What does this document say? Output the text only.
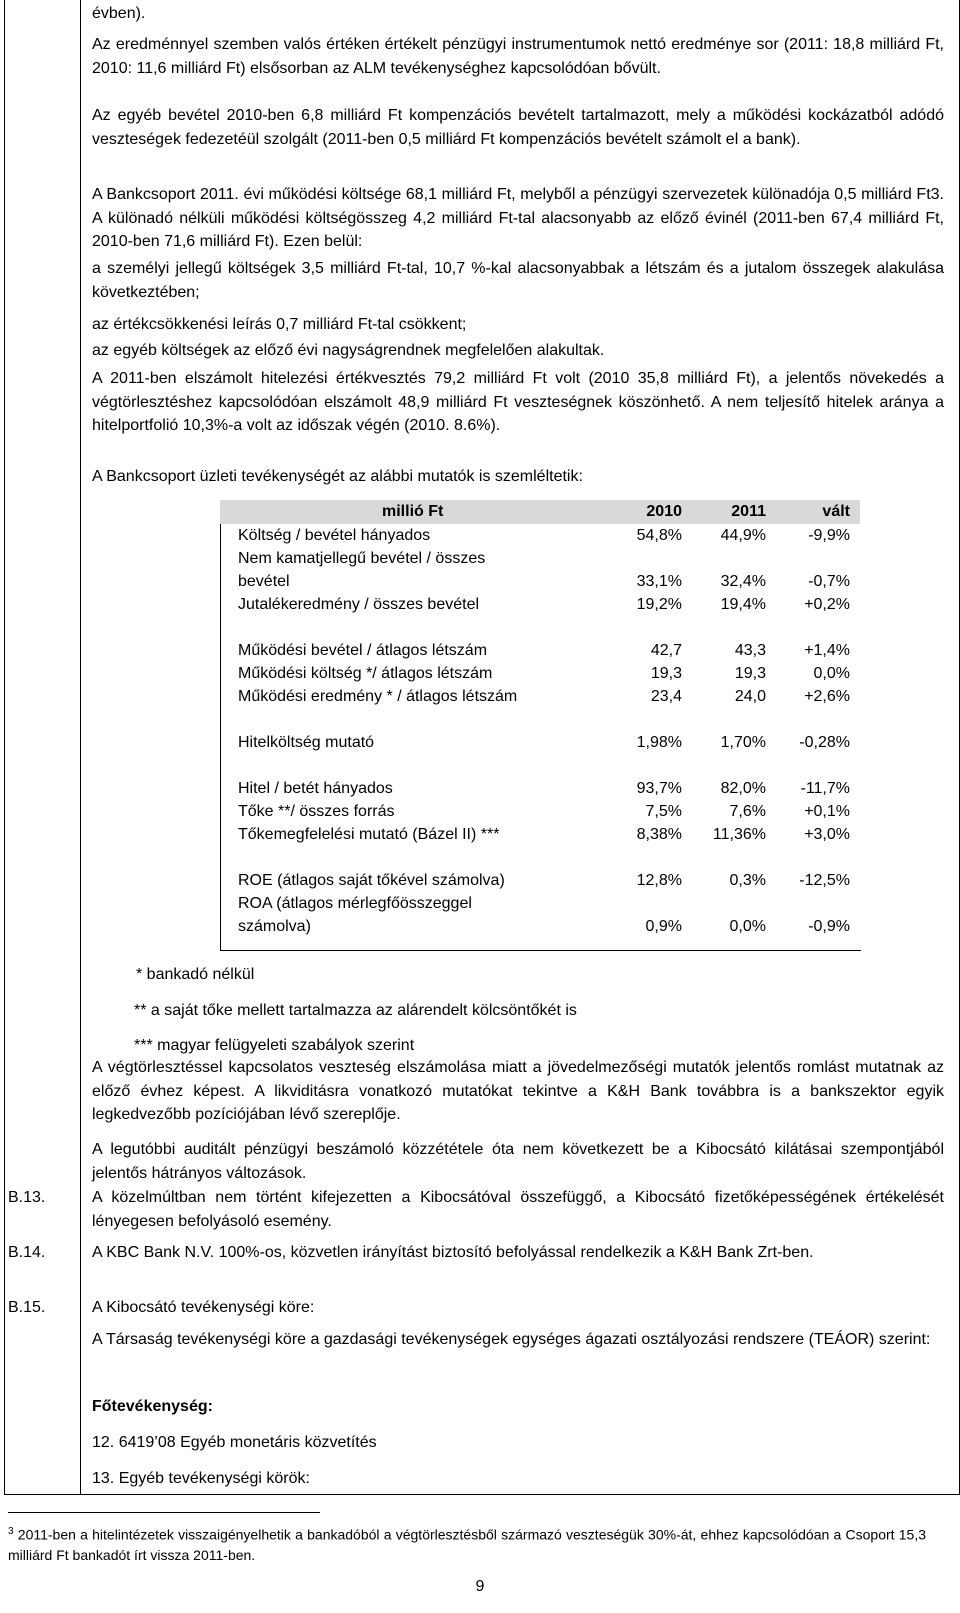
évben).
Az eredménnyel szemben valós értéken értékelt pénzügyi instrumentumok nettó eredménye sor (2011: 18,8 milliárd Ft, 2010: 11,6 milliárd Ft) elsősorban az ALM tevékenységhez kapcsolódóan bővült.
Az egyéb bevétel 2010-ben 6,8 milliárd Ft kompenzációs bevételt tartalmazott, mely a működési kockázatból adódó veszteségek fedezetéül szolgált (2011-ben 0,5 milliárd Ft kompenzációs bevételt számolt el a bank).
A Bankcsoport 2011. évi működési költsége 68,1 milliárd Ft, melyből a pénzügyi szervezetek különadója 0,5 milliárd Ft3. A különadó nélküli működési költségösszeg 4,2 milliárd Ft-tal alacsonyabb az előző évinél (2011-ben 67,4 milliárd Ft, 2010-ben 71,6 milliárd Ft). Ezen belül:
a személyi jellegű költségek 3,5 milliárd Ft-tal, 10,7 %-kal alacsonyabbak a létszám és a jutalom összegek alakulása következtében;
az értékcsökkenési leírás 0,7 milliárd Ft-tal csökkent;
az egyéb költségek az előző évi nagyságrendnek megfelelően alakultak.
A 2011-ben elszámolt hitelezési értékvesztés 79,2 milliárd Ft volt (2010 35,8 milliárd Ft), a jelentős növekedés a végtörlesztéshez kapcsolódóan elszámolt 48,9 milliárd Ft veszteségnek köszönhető. A nem teljesítő hitelek aránya a hitelportfolió 10,3%-a volt az időszak végén (2010. 8.6%).
A Bankcsoport üzleti tevékenységét az alábbi mutatók is szemléltetik:
millió Ft	2010	2011	vált
Költség / bevétel hányados	54,8% 44,9%	-9,9%
Nem kamatjellegű bevétel / összes
bevétel	33,1% 32,4%	-0,7%
Jutalékeredmény / összes bevétel	19,2% 19,4% +0,2%
Működési bevétel / átlagos létszám	42,7	43,3 +1,4%
Működési költség */ átlagos létszám	19,3	19,3	0,0%
Működési eredmény * / átlagos létszám	23,4	24,0 +2,6%
Hitelköltség mutató	1,98% 1,70% -0,28%
Hitel / betét hányados	93,7% 82,0% -11,7%
Tőke **/ összes forrás	7,5%	7,6% +0,1%
Tőkemegfelelési mutató (Bázel II) ***	8,38% 11,36% +3,0%
ROE (átlagos saját tőkével számolva)	12,8%	0,3% -12,5%
ROA (átlagos mérlegfőösszeggel
számolva)	0,9%	0,0%	-0,9%
* bankadó nélkül
** a saját tőke mellett tartalmazza az alárendelt kölcsöntőkét is
*** magyar felügyeleti szabályok szerint
A végtörlesztéssel kapcsolatos veszteség elszámolása miatt a jövedelmezőségi mutatók jelentős romlást mutatnak az előző évhez képest. A likviditásra vonatkozó mutatókat tekintve a K&H Bank továbbra is a bankszektor egyik legkedvezőbb pozíciójában lévő szereplője.
A legutóbbi auditált pénzügyi beszámoló közzététele óta nem következett be a Kibocsátó kilátásai szempontjából jelentős hátrányos változások.
B.13.	A közelmúltban nem történt kifejezetten a Kibocsátóval összefüggő, a Kibocsátó fizetőképességének értékelését lényegesen befolyásoló esemény.
B.14.	A KBC Bank N.V. 100%-os, közvetlen irányítást biztosító befolyással rendelkezik a K&H Bank Zrt-ben.
B.15.	A Kibocsátó tevékenységi köre:
A Társaság tevékenységi köre a gazdasági tevékenységek egységes ágazati osztályozási rendszere (TEÁOR) szerint:
Főtevékenység:
12. 6419’08 Egyéb monetáris közvetítés
13. Egyéb tevékenységi körök:
$^3$ 2011-ben a hitelintézetek visszaigényelhetik a bankadóból a végtörlesztésből származó veszteségük 30%-át, ehhez kapcsolódóan a Csoport 15,3 milliárd Ft bankadót írt vissza 2011-ben.
9
